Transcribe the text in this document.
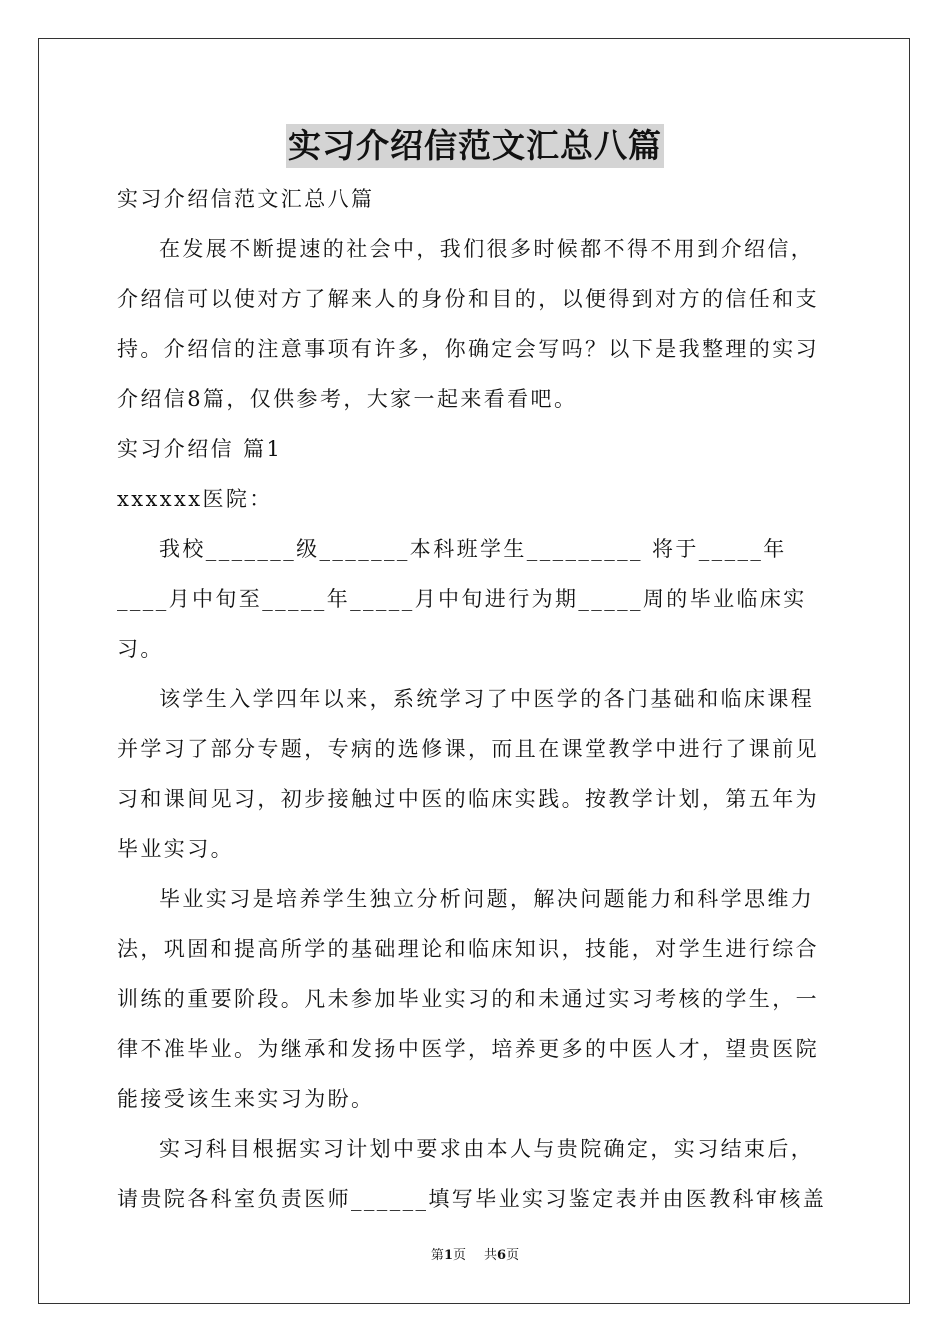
实习介绍信范文汇总八篇

实习介绍信范文汇总八篇

在发展不断提速的社会中，我们很多时候都不得不用到介绍信，介绍信可以使对方了解来人的身份和目的，以便得到对方的信任和支持。介绍信的注意事项有许多，你确定会写吗？以下是我整理的实习介绍信8篇，仅供参考，大家一起来看看吧。

实习介绍信 篇1

xxxxxx医院：

我校_______级_______本科班学生_________ 将于_____年____月中旬至_____年_____月中旬进行为期_____周的毕业临床实习。

该学生入学四年以来，系统学习了中医学的各门基础和临床课程并学习了部分专题，专病的选修课，而且在课堂教学中进行了课前见习和课间见习，初步接触过中医的临床实践。按教学计划，第五年为毕业实习。

毕业实习是培养学生独立分析问题，解决问题能力和科学思维力法，巩固和提高所学的基础理论和临床知识，技能，对学生进行综合训练的重要阶段。凡未参加毕业实习的和未通过实习考核的学生，一律不准毕业。为继承和发扬中医学，培养更多的中医人才，望贵医院能接受该生来实习为盼。

实习科目根据实习计划中要求由本人与贵院确定，实习结束后，请贵院各科室负责医师______填写毕业实习鉴定表并由医教科审核盖

第1页 共6页
